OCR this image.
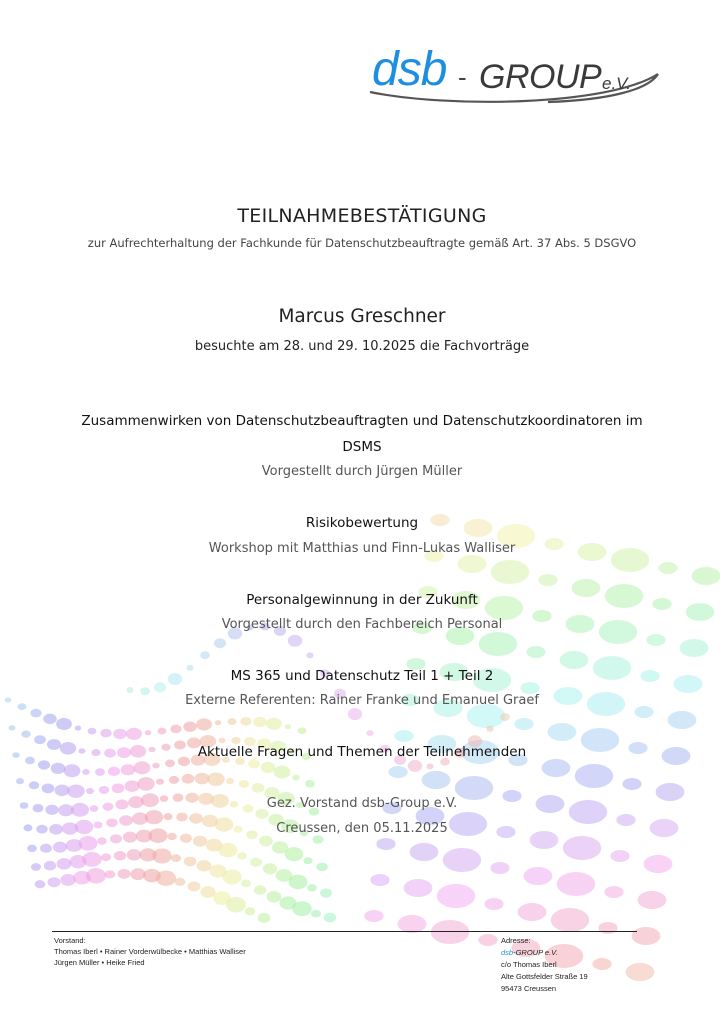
dsb - GROUP e.V.
TEILNAHMEBESTÄTIGUNG
zur Aufrechterhaltung der Fachkunde für Datenschutzbeauftragte gemäß Art. 37 Abs. 5 DSGVO
Marcus Greschner
besuchte am 28. und 29. 10.2025 die Fachvorträge
Zusammenwirken von Datenschutzbeauftragten und Datenschutzkoordinatoren im
DSMS
Vorgestellt durch Jürgen Müller
Risikobewertung
Workshop mit Matthias und Finn-Lukas Walliser
Personalgewinnung in der Zukunft
Vorgestellt durch den Fachbereich Personal
MS 365 und Datenschutz Teil 1 + Teil 2
Externe Referenten: Rainer Franke und Emanuel Graef
Aktuelle Fragen und Themen der Teilnehmenden
Gez. Vorstand dsb-Group e.V.
Creussen, den 05.11.2025
Vorstand:
Thomas Iberl • Rainer Vorderwülbecke • Matthias Walliser
Jürgen Müller • Heike Fried
Adresse:
dsb-GROUP e.V.
c/o Thomas Iberl
Alte Gottsfelder Straße 19
95473 Creussen
